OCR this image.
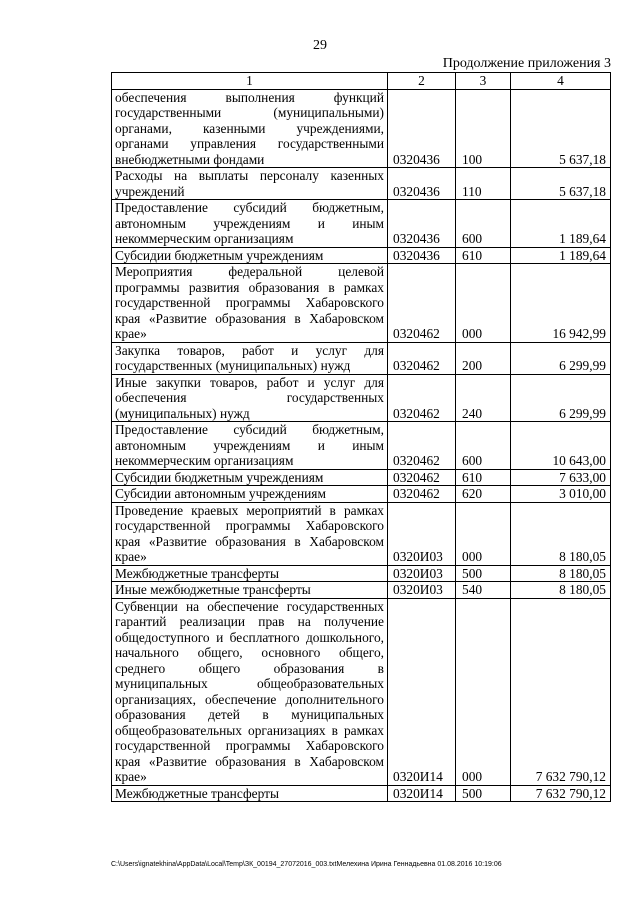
29
Продолжение приложения 3
1	2	3	4
обеспечения выполнения функций государственными (муниципальными) органами, казенными учреждениями, органами управления государственными внебюджетными фондами	0320436	100	5 637,18
Расходы на выплаты персоналу казенных учреждений	0320436	110	5 637,18
Предоставление субсидий бюджетным, автономным учреждениям и иным некоммерческим организациям	0320436	600	1 189,64
Субсидии бюджетным учреждениям	0320436	610	1 189,64
Мероприятия федеральной целевой программы развития образования в рамках государственной программы Хабаровского края «Развитие образования в Хабаровском крае»	0320462	000	16 942,99
Закупка товаров, работ и услуг для государственных (муниципальных) нужд	0320462	200	6 299,99
Иные закупки товаров, работ и услуг для обеспечения государственных (муниципальных) нужд	0320462	240	6 299,99
Предоставление субсидий бюджетным, автономным учреждениям и иным некоммерческим организациям	0320462	600	10 643,00
Субсидии бюджетным учреждениям	0320462	610	7 633,00
Субсидии автономным учреждениям	0320462	620	3 010,00
Проведение краевых мероприятий в рамках государственной программы Хабаровского края «Развитие образования в Хабаровском крае»	0320И03	000	8 180,05
Межбюджетные трансферты	0320И03	500	8 180,05
Иные межбюджетные трансферты	0320И03	540	8 180,05
Субвенции на обеспечение государственных гарантий реализации прав на получение общедоступного и бесплатного дошкольного, начального общего, основного общего, среднего общего образования в муниципальных общеобразовательных организациях, обеспечение дополнительного образования детей в муниципальных общеобразовательных организациях в рамках государственной программы Хабаровского края «Развитие образования в Хабаровском крае»	0320И14	000	7 632 790,12
Межбюджетные трансферты	0320И14	500	7 632 790,12
C:\Users\ignatekhina\AppData\Local\Temp\ЗК_00194_27072016_003.txtМелехина Ирина Геннадьевна 01.08.2016 10:19:06
